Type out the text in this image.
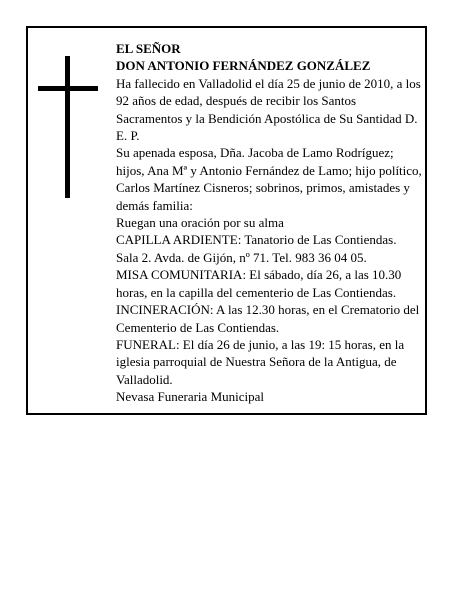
EL SEÑOR

DON ANTONIO FERNÁNDEZ GONZÁLEZ

Ha fallecido en Valladolid el día 25 de junio de 2010, a los 92 años de edad, después de recibir los Santos Sacramentos y la Bendición Apostólica de Su Santidad D. E. P.

Su apenada esposa, Dña. Jacoba de Lamo Rodríguez; hijos, Ana Mª y Antonio Fernández de Lamo; hijo político, Carlos Martínez Cisneros; sobrinos, primos, amistades y demás familia:

Ruegan una oración por su alma

CAPILLA ARDIENTE: Tanatorio de Las Contiendas. Sala 2. Avda. de Gijón, nº 71. Tel. 983 36 04 05.

MISA COMUNITARIA: El sábado, día 26, a las 10.30 horas, en la capilla del cementerio de Las Contiendas.

INCINERACIÓN: A las 12.30 horas, en el Crematorio del Cementerio de Las Contiendas.

FUNERAL: El día 26 de junio, a las 19: 15 horas, en la iglesia parroquial de Nuestra Señora de la Antigua, de Valladolid.

Nevasa Funeraria Municipal
